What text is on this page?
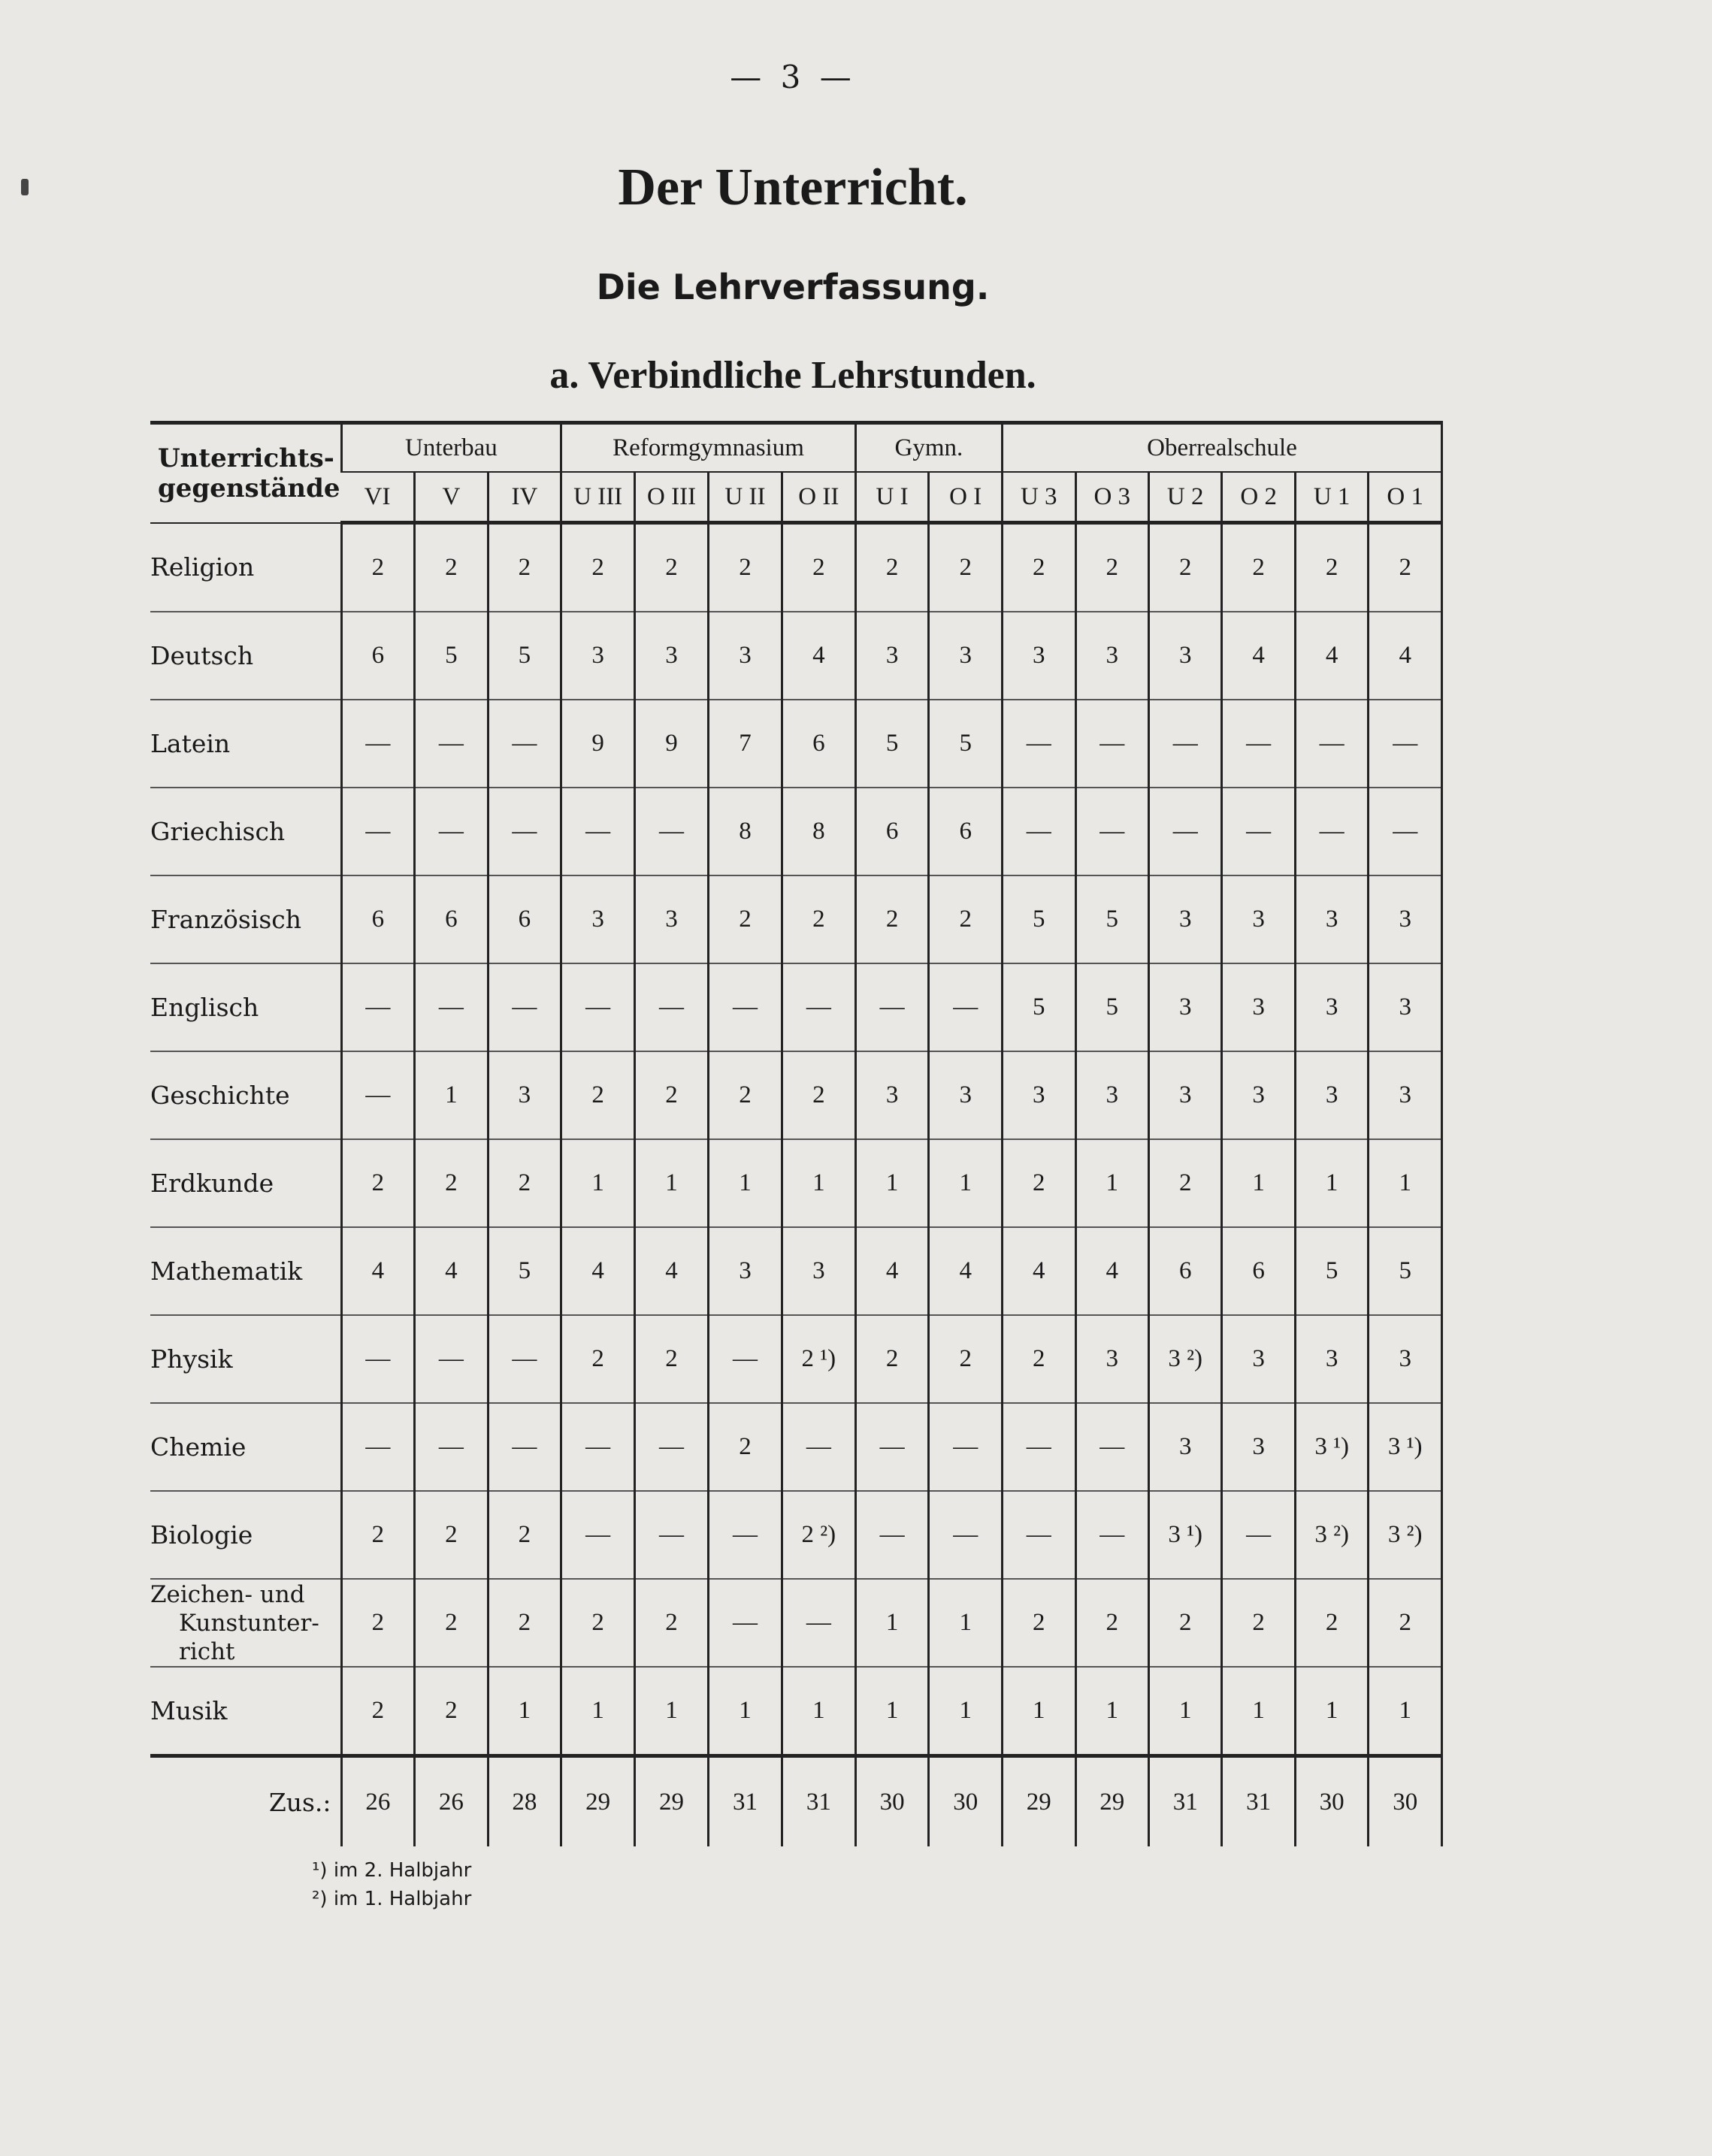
— 3 —
Der Unterricht.
Die Lehrverfassung.
a. Verbindliche Lehrstunden.
Unterrichts-
gegenstände	Unterbau			Reformgymnasium				Gymn.		Oberrealschule					
	VI	V	IV	U III	O III	U II	O II	U I	O I	U 3	O 3	U 2	O 2	U 1	O 1
Religion	2	2	2	2	2	2	2	2	2	2	2	2	2	2	2
Deutsch	6	5	5	3	3	3	4	3	3	3	3	3	4	4	4
Latein	—	—	—	9	9	7	6	5	5	—	—	—	—	—	—
Griechisch	—	—	—	—	—	8	8	6	6	—	—	—	—	—	—
Französisch	6	6	6	3	3	2	2	2	2	5	5	3	3	3	3
Englisch	—	—	—	—	—	—	—	—	—	5	5	3	3	3	3
Geschichte	—	1	3	2	2	2	2	3	3	3	3	3	3	3	3
Erdkunde	2	2	2	1	1	1	1	1	1	2	1	2	1	1	1
Mathematik	4	4	5	4	4	3	3	4	4	4	4	6	6	5	5
Physik	—	—	—	2	2	—	2 ¹)	2	2	2	3	3 ²)	3	3	3
Chemie	—	—	—	—	—	2	—	—	—	—	—	3	3	3 ¹)	3 ¹)
Biologie	2	2	2	—	—	—	2 ²)	—	—	—	—	3 ¹)	—	3 ²)	3 ²)

Zeichen- und
Kunstunter-
richt	2	2	2	2	2	—	—	1	1	2	2	2	2	2	2
Musik	2	2	1	1	1	1	1	1	1	1	1	1	1	1	1
Zus.:	26	26	28	29	29	31	31	30	30	29	29	31	31	30	30
¹) im 2. Halbjahr
²) im 1. Halbjahr
